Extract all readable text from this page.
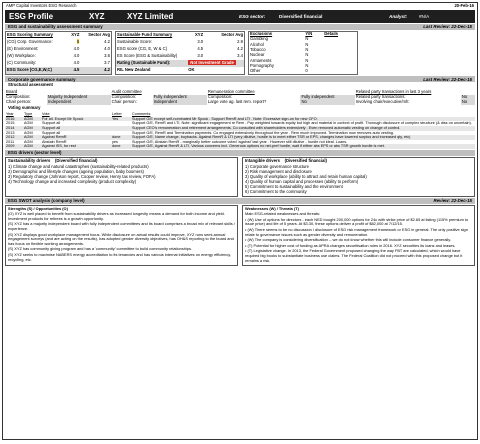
AMP Capital Investors ESG Research	20-Feb-16
ESG Profile	XYZ	XYZ Limited	ESG sector:	Diversified financial	Analyst:	#N/A
ESG and sustainability assessment summary	Last Review: 22-Dec-15
ESG Scoring Summary	XYZ	Sector Avg
(CG) Corp. Governance:	5	4.2
(E) Environment:	4.0	4.0
(W) Workplace:	4.0	3.6
(C) Community:	4.0	3.7
ESG Score (CG,E,W,C)	4.5	4.2
Sustainable Fund Summary	XYZ	Sector Avg
Sustainable Score:	3.0	2.9
ESG score (CG, E, W & C)	4.5	4.2
ES Score (ESG & Sustainability)	3.0	3.4
Rating (Sustainable Fund):	Not Investment Grade	
RIL New Zealand	OK	
Exclusions	Y/N	Details
Gambling	N	
Alcohol	N	
Tobacco	N	
Nuclear	N	
Armaments	N	
Pornography	N	
Other	0	
Corporate governance summary	Last Review: 22-Dec-15
Structural assessment
Board		Audit committee		Remuneration committee		Related party transactions in last 3 years	
Composition:	Majority Independent	Composition:	Fully independent	Composition:	Fully independent	Related party transactions:	No
Chair person:	Independent	Chair person:	Independent	Large vote ag. last rem. report?	No	Involving chair/executive/mh:	No
Voting summary
Year	Type	Vote	Letter	Comments
2016	AGM	For all. Except Mr Spock	Yes	Support G/E except self-nominated Mr Spock . Support RemR and LTI . Note: Excessive sign-on for new CFO.
2015	AGM	Support all		Support G/E, RemR and LTI. Note: significant engagement re Rem . Pay weighted towards equity but high and material in context of profit. Thorough disclosure of complex structure (& diss on uncertain).
2014	AGM	Support all		Support CEO's remuneration and retirement arrangements. Co consulted with shareholders extensively . Even removed automatic vesting on change of control.
2013	AGM	Support all		Support G/E, RemR and Termination payments. Co engaged extensively throughout the year . Rem much improved. Termination now removes auto vesting.
2012	AGM	Against RemR	done	Support G/E, Name change, buybacks. Against RemR & LTI (very dilutive, hurdle is to meet either TSR or EPS, changes have lowered surplus and increased qty, etc)
2011	AGM	Abstain RemR	yes	Support G/E; Abstain RemR - marginally better outcome voted 'against' last year . However still dilutive - hurdle not ideal. Loans.
2009	AGM	Against ISS, for rest	done	Support G/E, Against RemR & LTI. Various concerns incl. Generous options no net-pref hurdle, wait if either abs EPS or abs TSR growth hurdle is met.
ESG drivers (sector level)
Sustainability drivers (Diversified financial)
1) Climate change and natural catastrophes (sustainability-related products)
2) Demographic and lifestyle changes (ageing population, baby boomers)
3) Regulatory change (Johnson report, Cooper review, Henry tax review, FOFA)
4) Technology change and increased complexity (product complexity)
Intangible drivers (Diversified financial)
1) Corporate governance structure
2) Risk management and disclosure
3) Quality of workplace (ability to attract and retain human capital)
4) Quality of human capital and processes (ability to perform)
5) Commitment to sustainability and the environment
6) Commitment to the community
ESG SWOT analysis (company level)	Review: 22-Dec-15
Strengths (S) / Opportunities (O)

(O) XYZ is well placed to benefit from sustainability drivers as increased longevity means a demand for both income and yield. Investment products for retirees is a growth opportunity.

(S) XYZ has a majority independent board with fully independent committees and its board comprises a broad mix of relevant skills / experience.

(S) XYZ displays good workplace management focus. While disclosure on actual results could improve, XYZ runs semi-annual engagement surveys (and are acting on the results), has adopted gender diversity objectives, has OH&S reporting to the board and has focus on flexible working arrangements.

(S) XYZ has community giving program and has a 'community' committee to build community relationships.

(S) XYZ seeks to maximise NABERS energy accreditation to its tenancies and has various internal initiatives on energy efficiency, recycling, etc.

Weaknesses (W) / Threats (T)

Main ESG-related weaknesses and threats:

• (W) Use of options for directors - each NED bought 200,000 options for 24c with strike price of $2.65 at listing (115% premium to issue price) and life of 5 years. At $3.30, these options deliver a profit of $82,000 at 7/12/15.

• (W) There seems to be no discussion / disclosure of ESG risk management framework or ESG in general. The only positive sign relate to governance issues such as gender diversity and remuneration.

• (W) The company is considering diversification -- we do not know whether this will include consumer finance generally.

• (T) Potential for higher cost of funding as APRA changes securitisation rules in 2016. XYZ securities its loans and leases.

• (T) Legislative change. In 2013, the Federal Government proposed changing the way FBT are calculated, which would have required big books to substantiate business use claims. The Federal Coalition did not proceed with this proposed change but it remains a risk.
